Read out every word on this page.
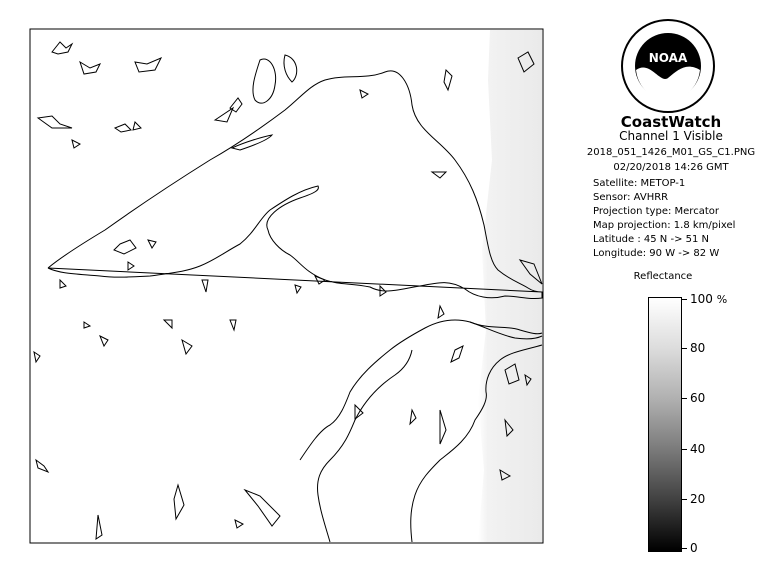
NOAA
CoastWatch
Channel 1 Visible
2018_051_1426_M01_GS_C1.PNG
02/20/2018 14:26 GMT
Satellite: METOP-1
Sensor: AVHRR
Projection type: Mercator
Map projection: 1.8 km/pixel
Latitude : 45 N -> 51 N
Longitude: 90 W -> 82 W
Reflectance
100 %
80
60
40
20
0
